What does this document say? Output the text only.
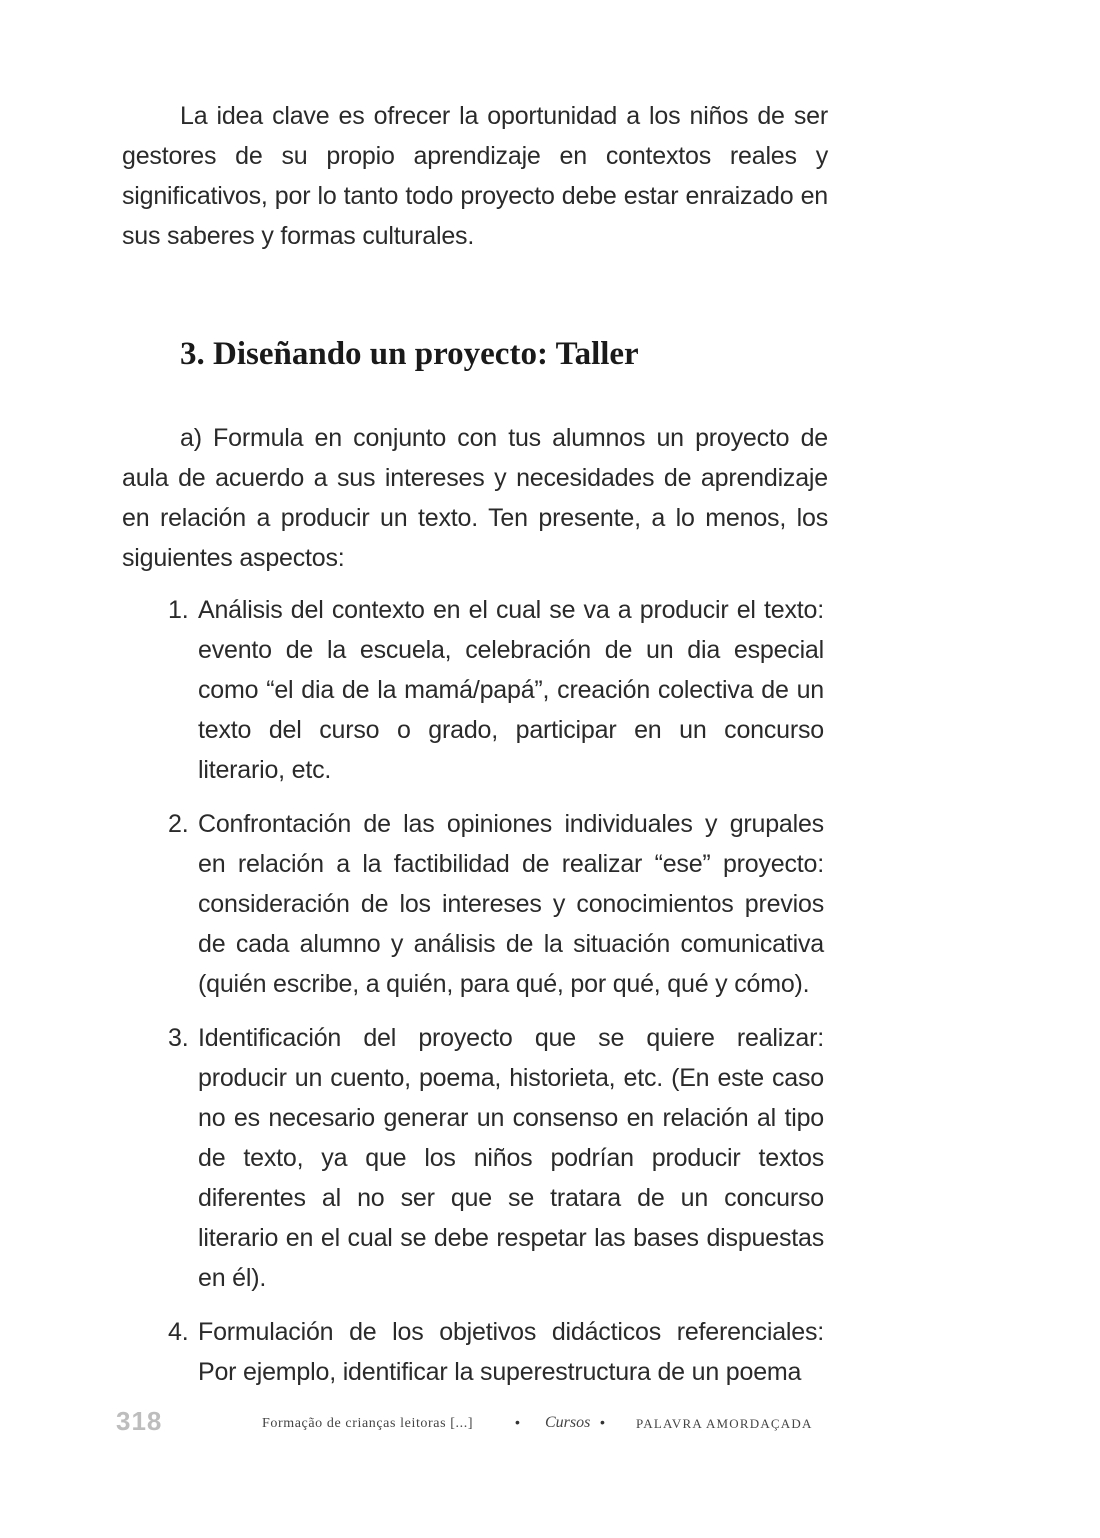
La idea clave es ofrecer la oportunidad a los niños de ser gestores de su propio aprendizaje en contextos reales y significativos, por lo tanto todo proyecto debe estar enraizado en sus saberes y formas culturales.

3. Diseñando un proyecto: Taller

a) Formula en conjunto con tus alumnos un proyecto de aula de acuerdo a sus intereses y necesidades de aprendizaje en relación a producir un texto. Ten presente, a lo menos, los siguientes aspectos:

1. Análisis del contexto en el cual se va a producir el texto: evento de la escuela, celebración de un dia especial como “el dia de la mamá/papá”, creación colectiva de un texto del curso o grado, participar en un concurso literario, etc.
2. Confrontación de las opiniones individuales y grupales en relación a la factibilidad de realizar “ese” proyecto: consideración de los intereses y conocimientos previos de cada alumno y análisis de la situación comunicativa (quién escribe, a quién, para qué, por qué, qué y cómo).
3. Identificación del proyecto que se quiere realizar: producir un cuento, poema, historieta, etc. (En este caso no es necesario generar un consenso en relación al tipo de texto, ya que los niños podrían producir textos diferentes al no ser que se tratara de un concurso literario en el cual se debe respetar las bases dispuestas en él).
4. Formulación de los objetivos didácticos referenciales: Por ejemplo, identificar la superestructura de un poema
318	Formação de crianças leitoras [...]	• Cursos • PALAVRA AMORDAÇADA
